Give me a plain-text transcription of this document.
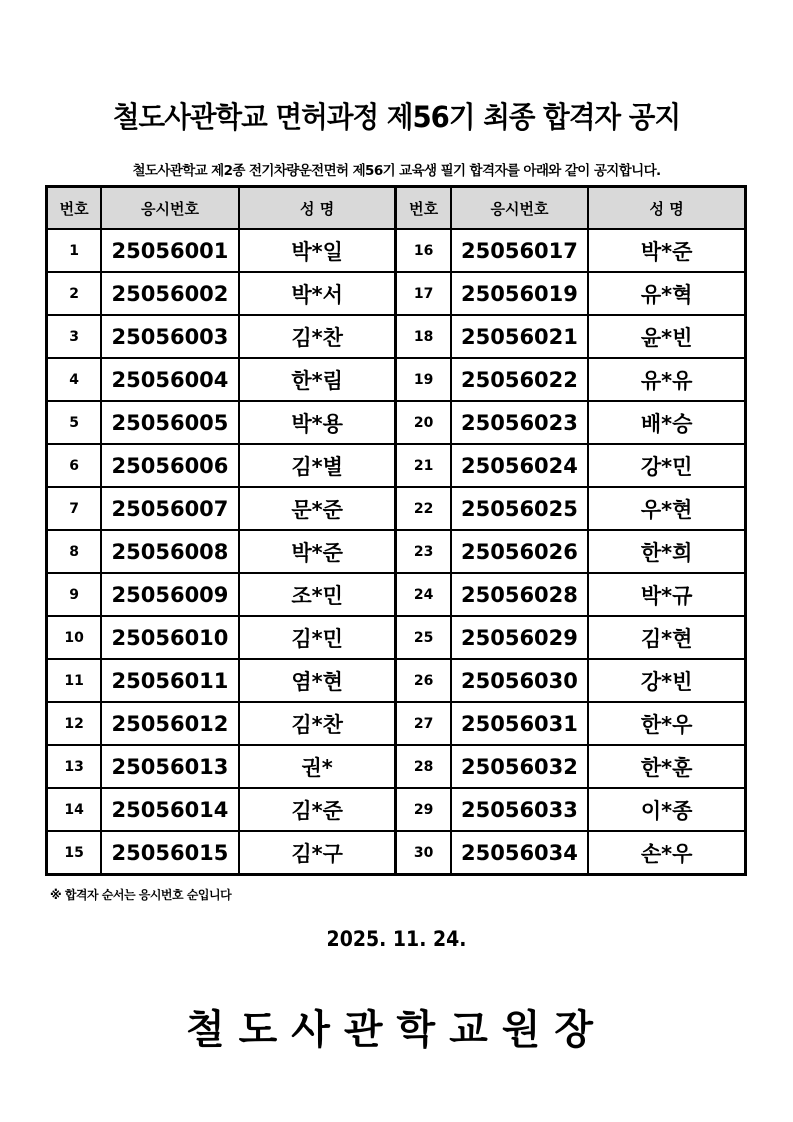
철도사관학교 면허과정 제56기 최종 합격자 공지
철도사관학교 제2종 전기차량운전면허 제56기 교육생 필기 합격자를 아래와 같이 공지합니다.
번호	응시번호	성 명	번호	응시번호	성 명
1	25056001	박*일	16	25056017	박*준
2	25056002	박*서	17	25056019	유*혁
3	25056003	김*찬	18	25056021	윤*빈
4	25056004	한*림	19	25056022	유*유
5	25056005	박*용	20	25056023	배*승
6	25056006	김*별	21	25056024	강*민
7	25056007	문*준	22	25056025	우*현
8	25056008	박*준	23	25056026	한*희
9	25056009	조*민	24	25056028	박*규
10	25056010	김*민	25	25056029	김*현
11	25056011	염*현	26	25056030	강*빈
12	25056012	김*찬	27	25056031	한*우
13	25056013	권*	28	25056032	한*훈
14	25056014	김*준	29	25056033	이*종
15	25056015	김*구	30	25056034	손*우
※ 합격자 순서는 응시번호 순입니다
2025. 11. 24.
철도사관학교원장
